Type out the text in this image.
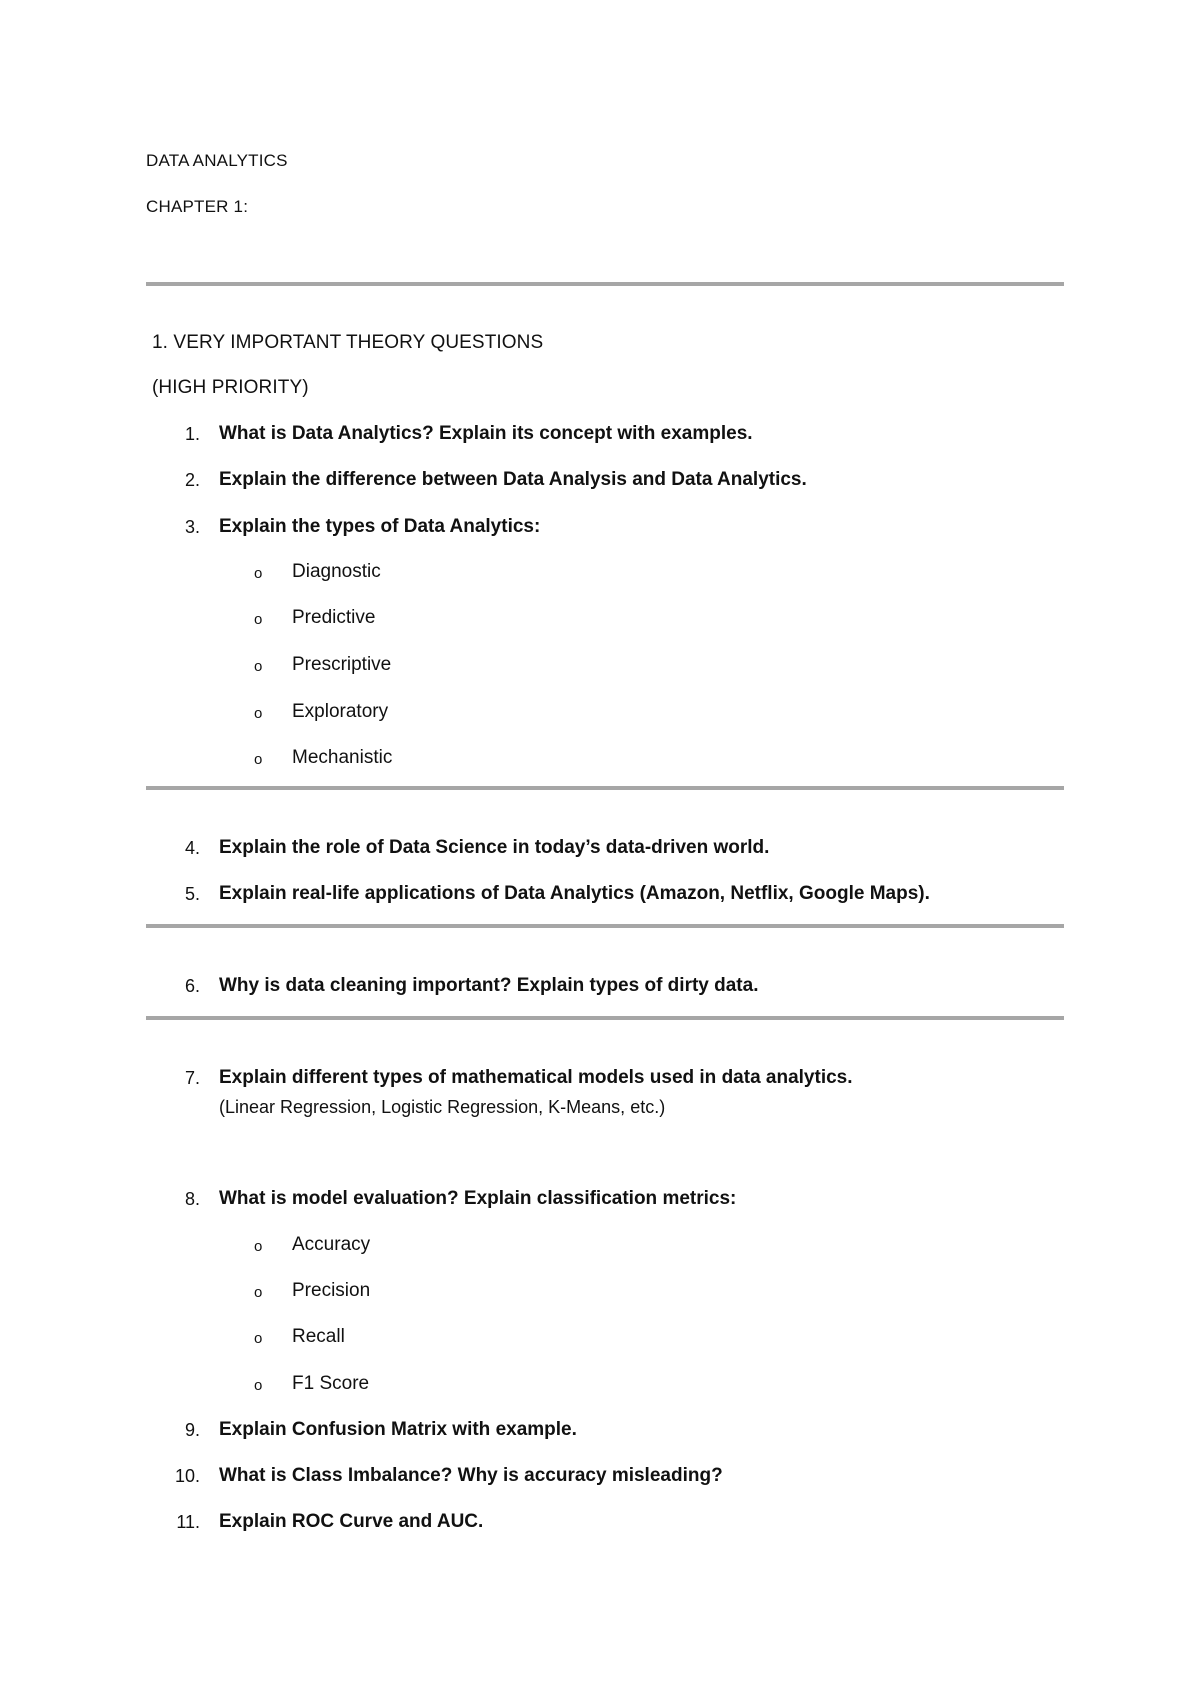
DATA ANALYTICS
CHAPTER 1:
1. VERY IMPORTANT THEORY QUESTIONS
(HIGH PRIORITY)
1. What is Data Analytics? Explain its concept with examples.
2. Explain the difference between Data Analysis and Data Analytics.
3. Explain the types of Data Analytics:
o Diagnostic
o Predictive
o Prescriptive
o Exploratory
o Mechanistic
4. Explain the role of Data Science in today’s data-driven world.
5. Explain real-life applications of Data Analytics (Amazon, Netflix, Google Maps).
6. Why is data cleaning important? Explain types of dirty data.
7. Explain different types of mathematical models used in data analytics.
(Linear Regression, Logistic Regression, K-Means, etc.)
8. What is model evaluation? Explain classification metrics:
o Accuracy
o Precision
o Recall
o F1 Score
9. Explain Confusion Matrix with example.
10. What is Class Imbalance? Why is accuracy misleading?
11. Explain ROC Curve and AUC.
